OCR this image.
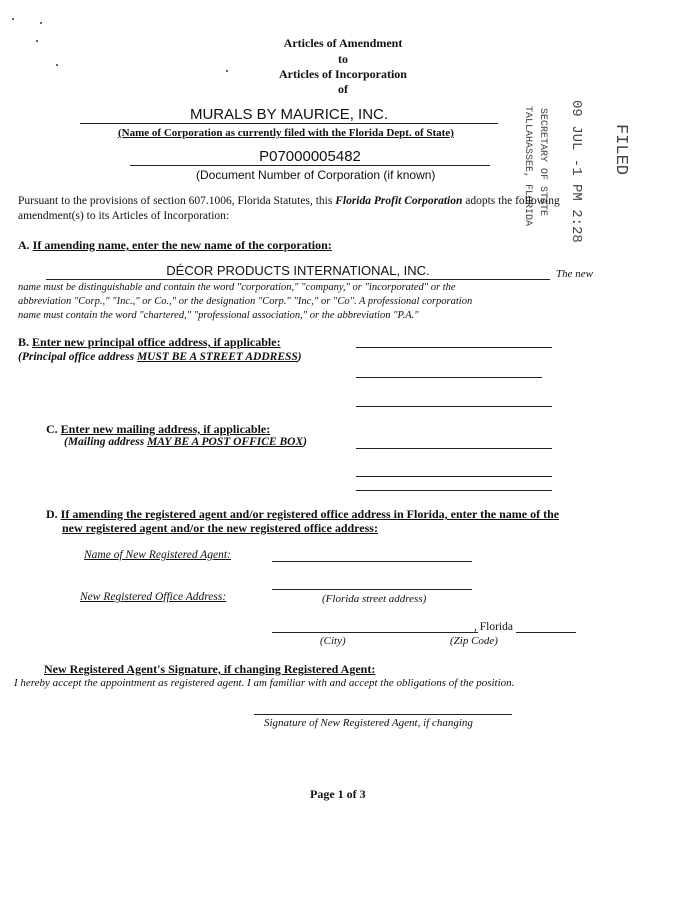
Articles of Amendment
to
Articles of Incorporation
of
MURALS BY MAURICE, INC.
(Name of Corporation as currently filed with the Florida Dept. of State)
P07000005482
(Document Number of Corporation (if known)	09 JUL -1 PM 2:28
SECRETARY OF STATE
TALLAHASSEE, FLORIDA	FILED
Pursuant to the provisions of section 607.1006, Florida Statutes, this Florida Profit Corporation adopts the following
amendment(s) to its Articles of Incorporation:
A. If amending name, enter the new name of the corporation:
DÉCOR PRODUCTS INTERNATIONAL, INC.	The new
name must be distinguishable and contain the word "corporation," "company," or "incorporated" or the
abbreviation "Corp.," "Inc.," or Co.," or the designation "Corp." "Inc," or "Co". A professional corporation
name must contain the word "chartered," "professional association," or the abbreviation "P.A."
B. Enter new principal office address, if applicable:
(Principal office address MUST BE A STREET ADDRESS)
C. Enter new mailing address, if applicable:
(Mailing address MAY BE A POST OFFICE BOX)
D. If amending the registered agent and/or registered office address in Florida, enter the name of the
new registered agent and/or the new registered office address:
Name of New Registered Agent:
New Registered Office Address:	(Florida street address)
, Florida
(City)	(Zip Code)
New Registered Agent's Signature, if changing Registered Agent:
I hereby accept the appointment as registered agent. I am familiar with and accept the obligations of the position.
Signature of New Registered Agent, if changing
Page 1 of 3
